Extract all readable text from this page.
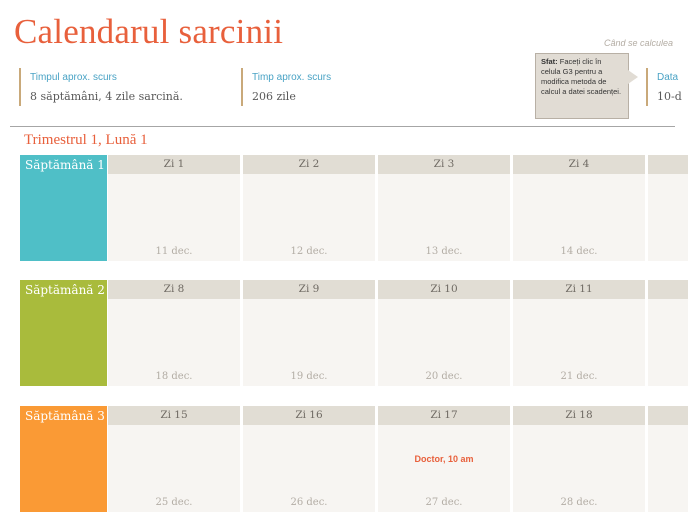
Calendarul sarcinii	Când se calculea
Timpul aprox. scurs
8 săptămâni, 4 zile sarcină.
Timp aprox. scurs
206 zile
Data
10-d
Sfat: Faceți clic în celula G3 pentru a modifica metoda de calcul a datei scadenței.
Trimestrul 1, Lună 1
Săptămână 1	Zi 1
11 dec.
Zi 2
12 dec.
Zi 3
13 dec.
Zi 4
14 dec.
Săptămână 2	Zi 8
18 dec.
Zi 9
19 dec.
Zi 10
20 dec.
Zi 11
21 dec.
Săptămână 3	Zi 15
25 dec.
Zi 16
26 dec.
Zi 17
Doctor, 10 am
27 dec.
Zi 18
28 dec.
